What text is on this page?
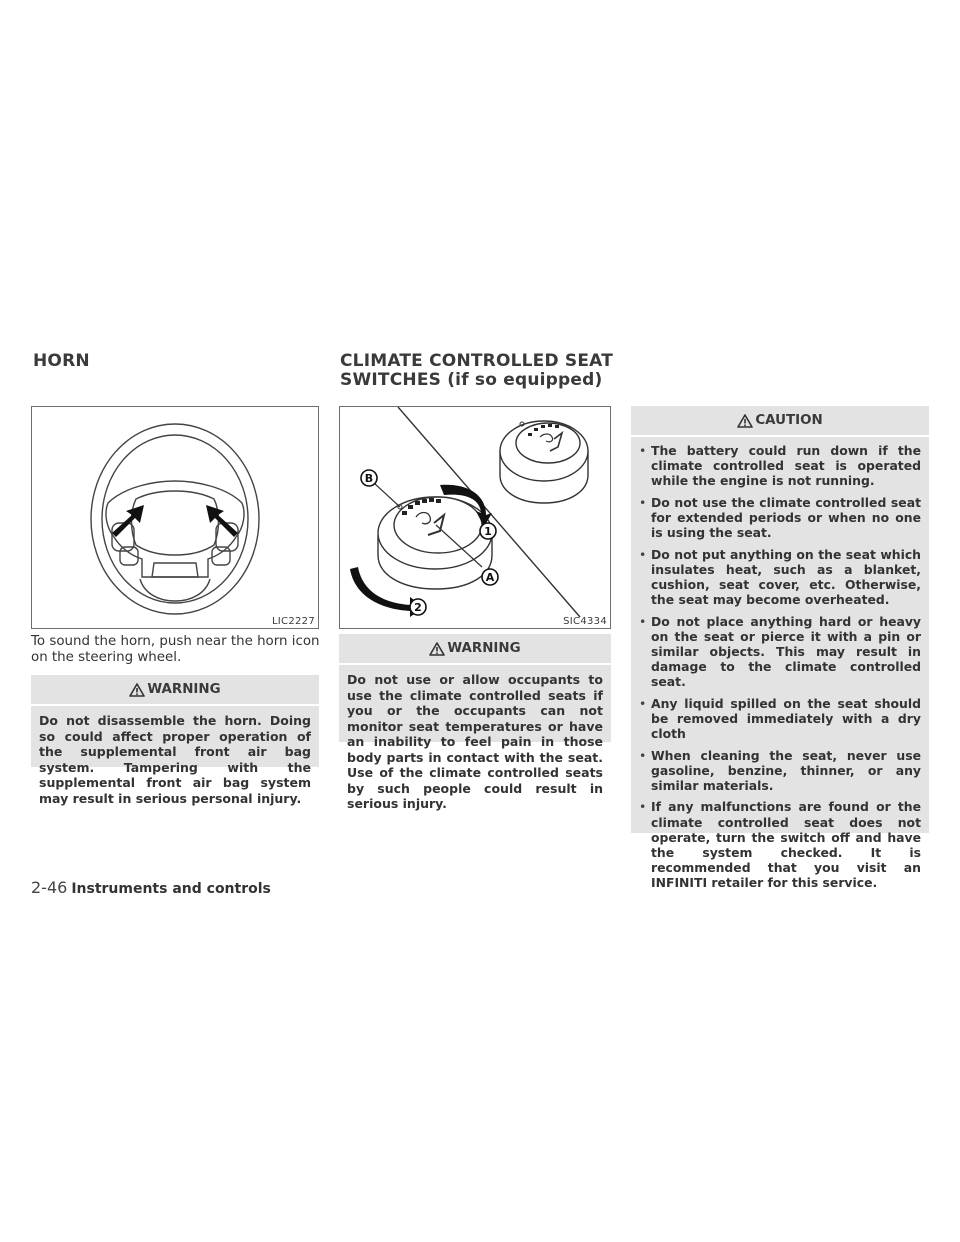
HORN	CLIMATE CONTROLLED SEAT
SWITCHES (if so equipped)
LIC2227

To sound the horn, push near the horn icon on the steering wheel.

WARNING

Do not disassemble the horn. Doing so could affect proper operation of the supplemental front air bag system. Tampering with the supplemental front air bag system may result in serious personal injury.

B
1
A
2
SIC4334
WARNING

Do not use or allow occupants to use the climate controlled seats if you or the occupants can not monitor seat temperatures or have an inability to feel pain in those body parts in contact with the seat. Use of the climate controlled seats by such people could result in serious injury.

CAUTION
• The battery could run down if the climate controlled seat is operated while the engine is not running.
• Do not use the climate controlled seat for extended periods or when no one is using the seat.
• Do not put anything on the seat which insulates heat, such as a blanket, cushion, seat cover, etc. Otherwise, the seat may become overheated.
• Do not place anything hard or heavy on the seat or pierce it with a pin or similar objects. This may result in damage to the climate controlled seat.
• Any liquid spilled on the seat should be removed immediately with a dry cloth
• When cleaning the seat, never use gasoline, benzine, thinner, or any similar materials.
• If any malfunctions are found or the climate controlled seat does not operate, turn the switch off and have the system checked. It is recommended that you visit an INFINITI retailer for this service.
2-46 Instruments and controls
